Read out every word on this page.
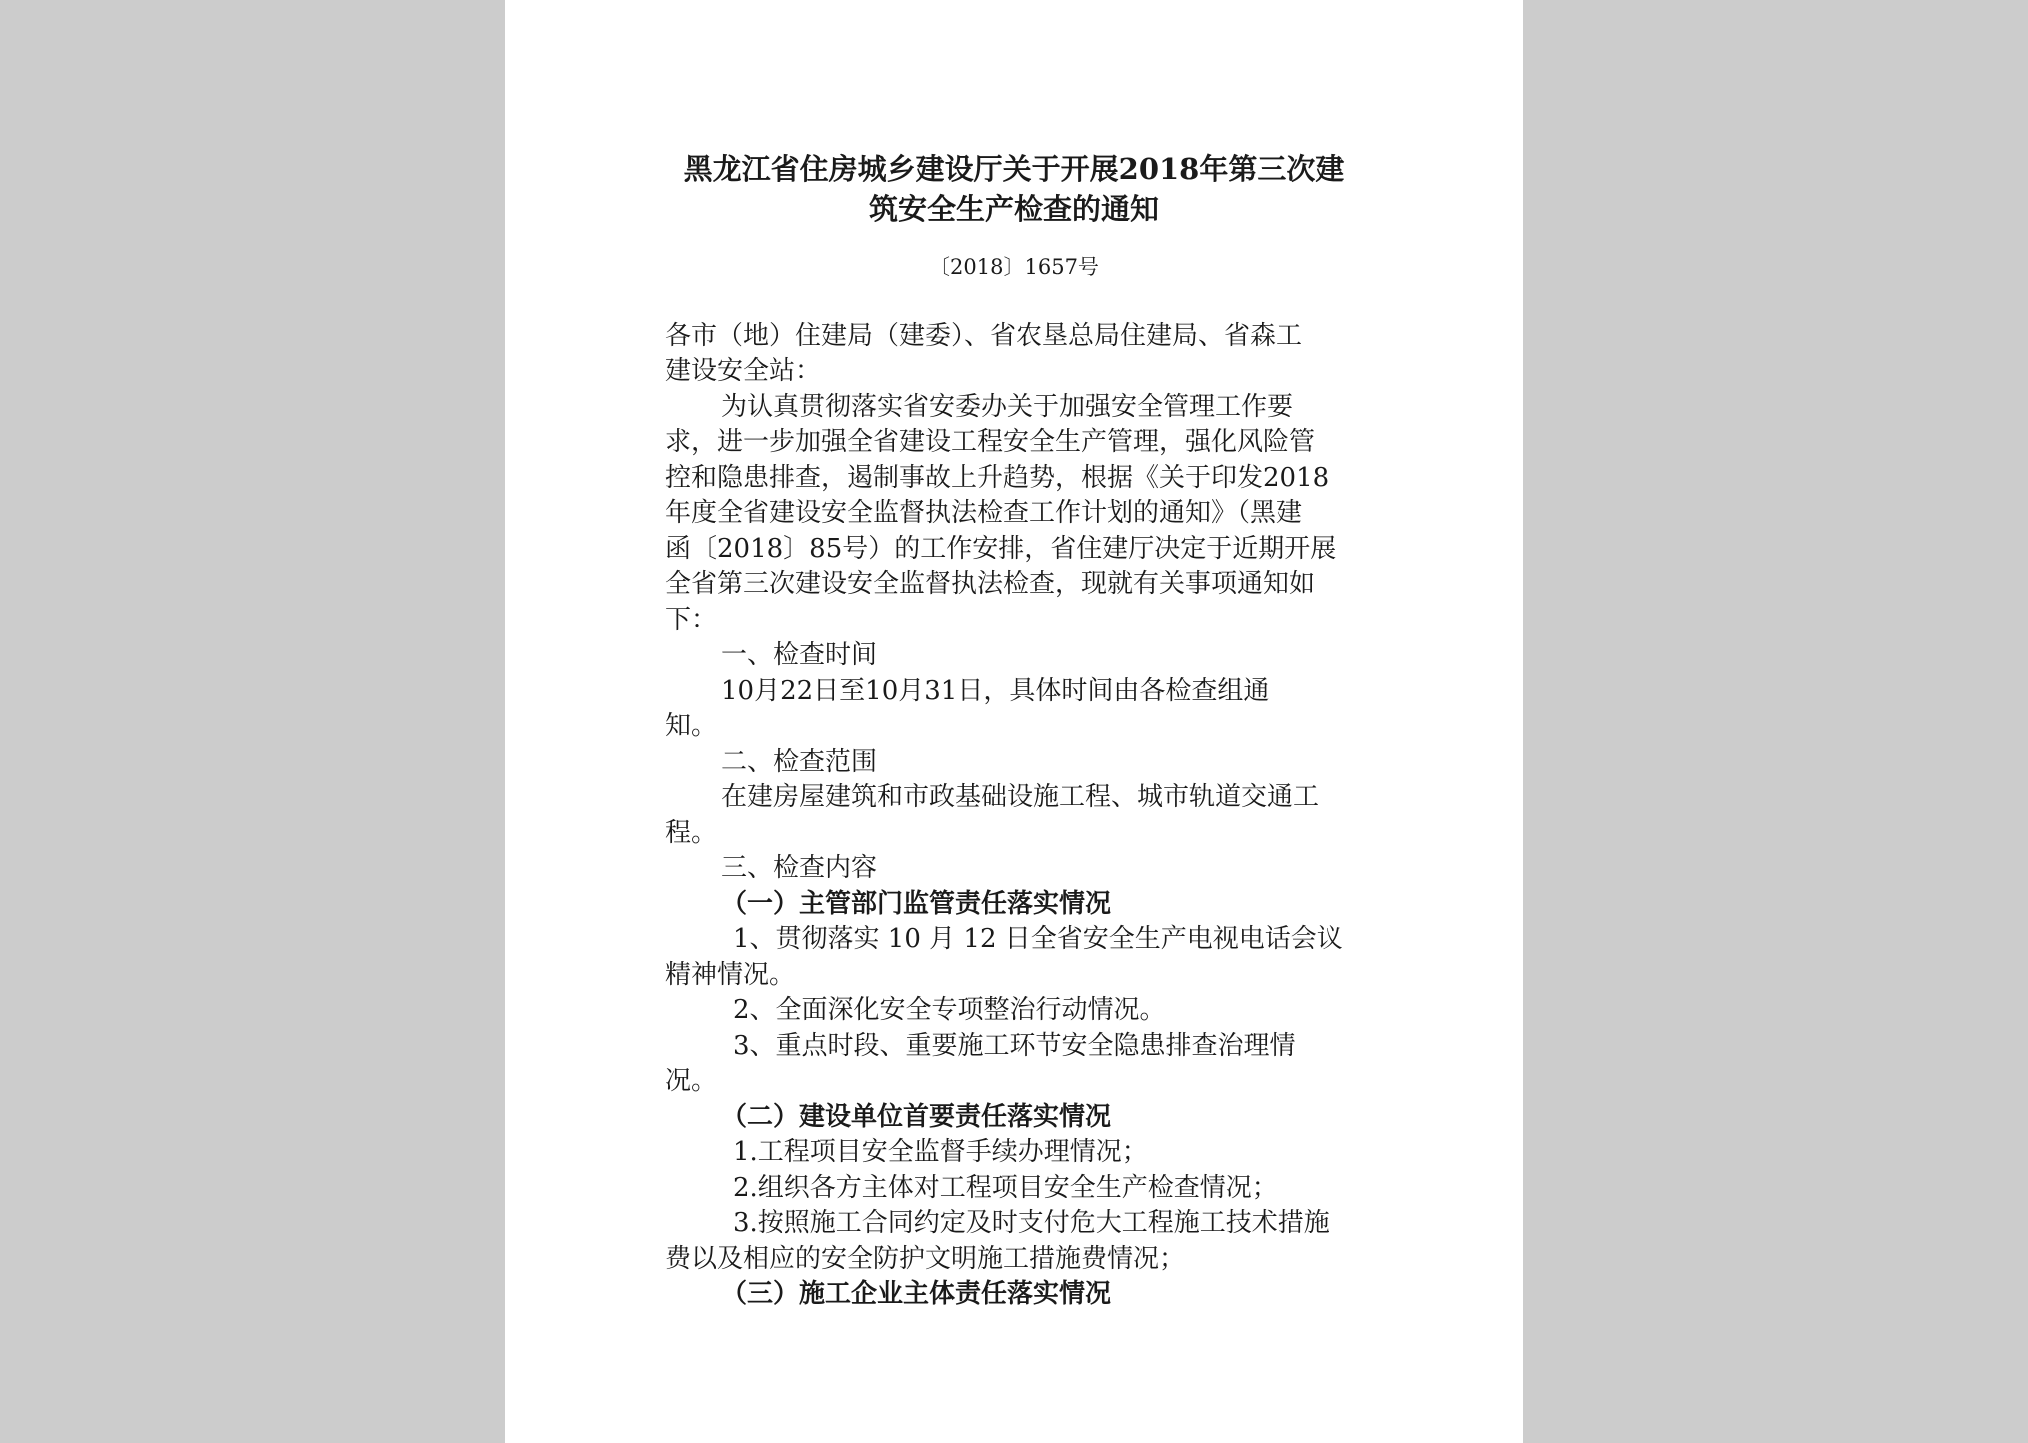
黑龙江省住房城乡建设厅关于开展2018年第三次建
筑安全生产检查的通知
〔2018〕1657号
各市（地）住建局（建委）、省农垦总局住建局、省森工
建设安全站：
为认真贯彻落实省安委办关于加强安全管理工作要
求，进一步加强全省建设工程安全生产管理，强化风险管
控和隐患排查，遏制事故上升趋势，根据《关于印发2018
年度全省建设安全监督执法检查工作计划的通知》（黑建
函〔2018〕85号）的工作安排，省住建厅决定于近期开展
全省第三次建设安全监督执法检查，现就有关事项通知如
下：
一、检查时间
10月22日至10月31日，具体时间由各检查组通
知。
二、检查范围
在建房屋建筑和市政基础设施工程、城市轨道交通工
程。
三、检查内容
（一）主管部门监管责任落实情况
1、贯彻落实 10 月 12 日全省安全生产电视电话会议
精神情况。
2、全面深化安全专项整治行动情况。
3、重点时段、重要施工环节安全隐患排查治理情
况。
（二）建设单位首要责任落实情况
1.工程项目安全监督手续办理情况；
2.组织各方主体对工程项目安全生产检查情况；
3.按照施工合同约定及时支付危大工程施工技术措施
费以及相应的安全防护文明施工措施费情况；
（三）施工企业主体责任落实情况
